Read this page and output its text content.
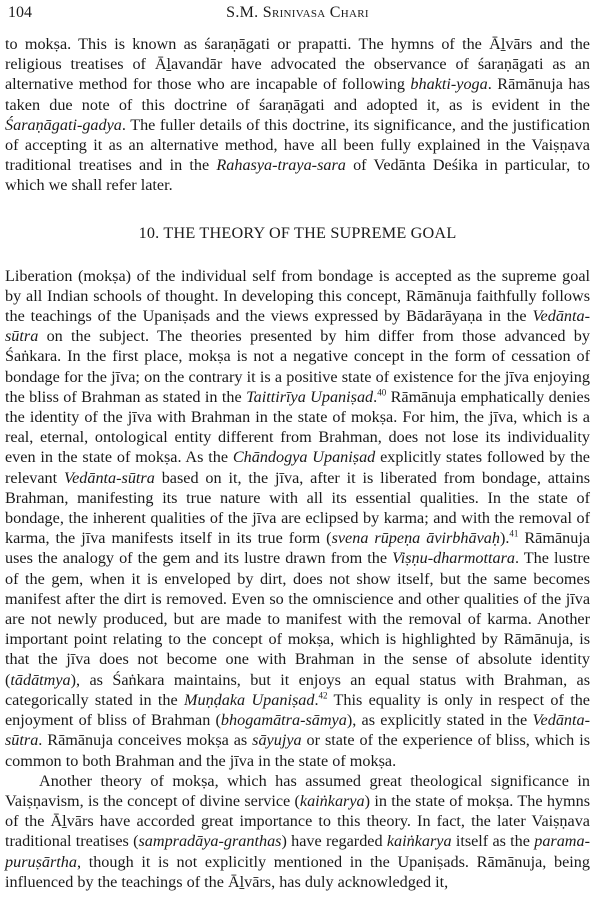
104	S.M. Srinivasa Chari

to mokṣa. This is known as śaraṇāgati or prapatti. The hymns of the Āḻvārs and the religious treatises of Āḻavandār have advocated the observance of śaraṇāgati as an alternative method for those who are incapable of following bhakti-yoga. Rāmānuja has taken due note of this doctrine of śaraṇāgati and adopted it, as is evident in the Śaraṇāgati-gadya. The fuller details of this doctrine, its significance, and the justification of accepting it as an alternative method, have all been fully explained in the Vaiṣṇava traditional treatises and in the Rahasya-traya-sara of Vedānta Deśika in particular, to which we shall refer later.

10. THE THEORY OF THE SUPREME GOAL

Liberation (mokṣa) of the individual self from bondage is accepted as the supreme goal by all Indian schools of thought. In developing this concept, Rāmānuja faithfully follows the teachings of the Upaniṣads and the views expressed by Bādarāyaṇa in the Vedānta-sūtra on the subject. The theories presented by him differ from those advanced by Śaṅkara. In the first place, mokṣa is not a negative concept in the form of cessation of bondage for the jīva; on the contrary it is a positive state of existence for the jīva enjoying the bliss of Brahman as stated in the Taittirīya Upaniṣad.$^{40}$ Rāmānuja emphatically denies the identity of the jīva with Brahman in the state of mokṣa. For him, the jīva, which is a real, eternal, ontological entity different from Brahman, does not lose its individuality even in the state of mokṣa. As the Chāndogya Upaniṣad explicitly states followed by the relevant Vedānta-sūtra based on it, the jīva, after it is liberated from bondage, attains Brahman, manifesting its true nature with all its essential qualities. In the state of bondage, the inherent qualities of the jīva are eclipsed by karma; and with the removal of karma, the jīva manifests itself in its true form (svena rūpeṇa āvirbhāvaḥ).$^{41}$ Rāmānuja uses the analogy of the gem and its lustre drawn from the Viṣṇu-dharmottara. The lustre of the gem, when it is enveloped by dirt, does not show itself, but the same becomes manifest after the dirt is removed. Even so the omniscience and other qualities of the jīva are not newly produced, but are made to manifest with the removal of karma. Another important point relating to the concept of mokṣa, which is highlighted by Rāmānuja, is that the jīva does not become one with Brahman in the sense of absolute identity (tādātmya), as Śaṅkara maintains, but it enjoys an equal status with Brahman, as categorically stated in the Muṇḍaka Upaniṣad.$^{42}$ This equality is only in respect of the enjoyment of bliss of Brahman (bhogamātra-sāmya), as explicitly stated in the Vedānta-sūtra. Rāmānuja conceives mokṣa as sāyujya or state of the experience of bliss, which is common to both Brahman and the jīva in the state of mokṣa.

Another theory of mokṣa, which has assumed great theological significance in Vaiṣṇavism, is the concept of divine service (kaiṅkarya) in the state of mokṣa. The hymns of the Āḻvārs have accorded great importance to this theory. In fact, the later Vaiṣṇava traditional treatises (sampradāya-granthas) have regarded kaiṅkarya itself as the parama-puruṣārtha, though it is not explicitly mentioned in the Upaniṣads. Rāmānuja, being influenced by the teachings of the Āḻvārs, has duly acknowledged it,
